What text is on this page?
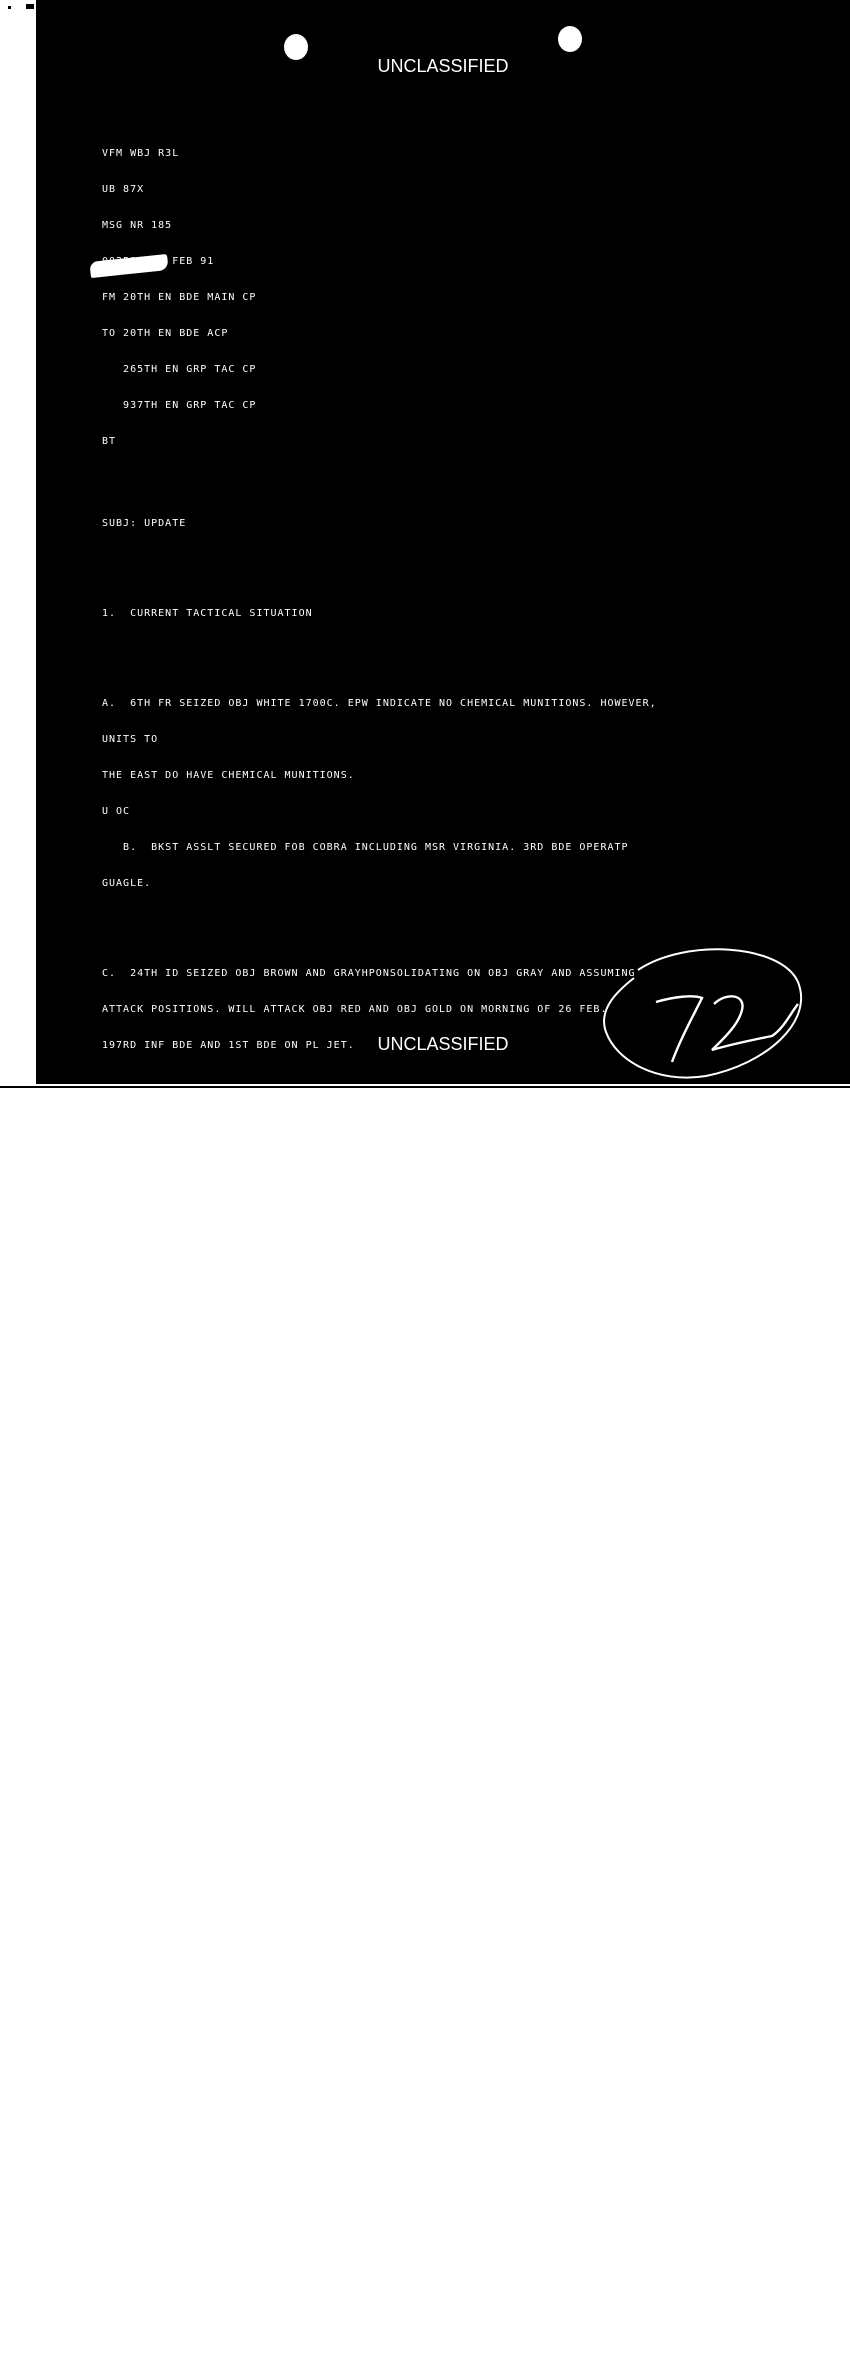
UNCLASSIFIED

VFM WBJ R3L

UB 87X

MSG NR 185

002518402 FEB 91

FM 20TH EN BDE MAIN CP

TO 20TH EN BDE ACP

265TH EN GRP TAC CP

937TH EN GRP TAC CP

BT

SUBJ: UPDATE

1.  CURRENT TACTICAL SITUATION

A.  6TH FR SEIZED OBJ WHITE 1700C. EPW INDICATE NO CHEMICAL MUNITIONS. HOWEVER,

UNITS TO

THE EAST DO HAVE CHEMICAL MUNITIONS.

U OC

B.  BKST ASSLT SECURED FOB COBRA INCLUDING MSR VIRGINIA. 3RD BDE OPERATP

GUAGLE.

C.  24TH ID SEIZED OBJ BROWN AND GRAYHPONSOLIDATING ON OBJ GRAY AND ASSUMING

ATTACK POSITIONS. WILL ATTACK OBJ RED AND OBJ GOLD ON MORNING OF 26 FEB.

197RD INF BDE AND 1ST BDE ON PL JET.

D.  82ND ABN DIV CONSOLIDATING WEST OF AL SALMAN AIRFIELD.

E.  2ND ACR IN CONTACT WITH ELEMENTS OF TAWALAKANA DIV.

F.  1ST AD TO ATTACK OBJ PURPLE MORNING OF 26 FEB.

G.  COALITION FORCES HAVE BREACHED IRAQI OBSTACLES. SLOWED BY HEAVY ARTY.

H.  MARCENT HAS SEIZED KUWAIT INTL AIRPORT. 3,000 EPW TAKEN.?

2.  HAVE NOT RECEIVED CODE WORD FOR MSR VIRGINIA CE N SE REPORTED CLEAR

IN 101ST SECTOR TELEPHONIC.

3.  NO DECISION ON CONSTRUCTION OF LOGBASE OSCAR FROM ACE. ASKED ACE 3RD TIME,

WILL INFORM YOU AS SOON AS WE KNOW.

4.  LIGHT CRUDE AVAILABLE FROM VIC RIYAHD 24 FEB AS NOT ARRIVED. S-4 INDICATES

VII CORPS MAY HAVE INTERCEPTED.

5.  REQUEST FOLLOWING INFO WHEN AVAILABLE:

A.  (196689) 91 R941831S 45 *) ?*).*,

B.  KROITION OF MSR VIRGINIA. IS IT ASPHALT PAVEMENT OR SURFACE TREATMENT?

6.  REEMPHASIZE THAT EARLIEST COMPLETION OF MSR GEORGIA CRITICAL.

8.  POC MAJ UPEC

BT

INT DBL ASAP

KKEZ=EKK

EPCFL8D

UNCLASSIFIED
72
